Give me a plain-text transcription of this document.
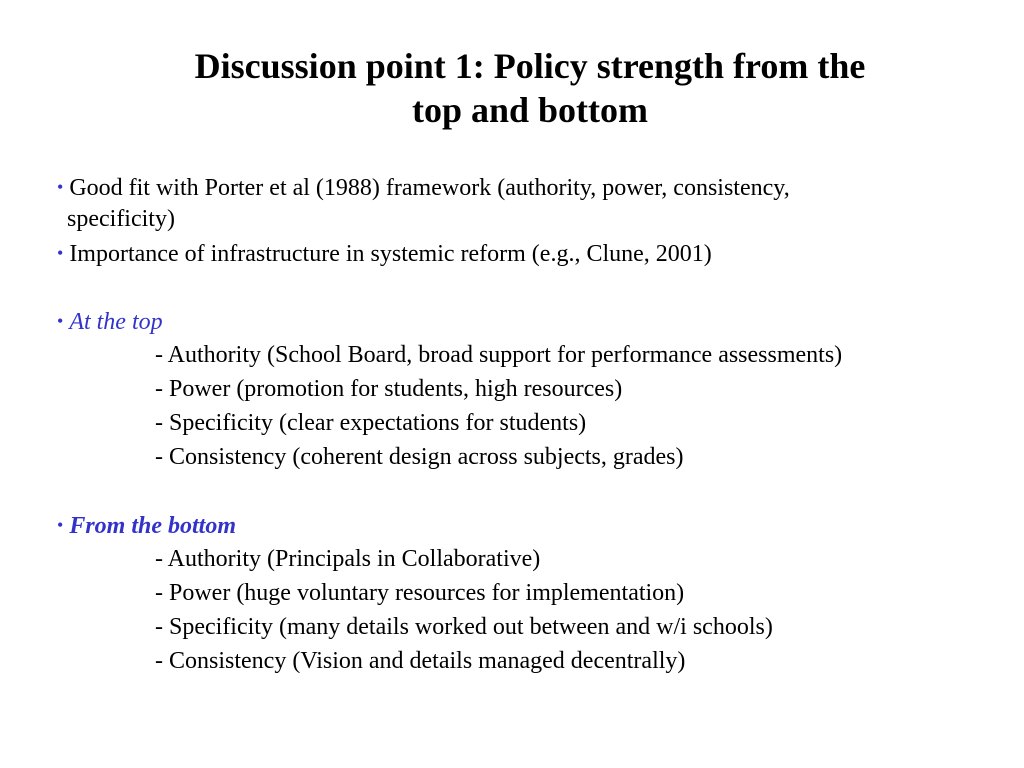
Discussion point 1: Policy strength from the
top and bottom
• Good fit with Porter et al (1988) framework (authority, power, consistency,
specificity)
• Importance of infrastructure in systemic reform (e.g., Clune, 2001)
• At the top
- Authority (School Board, broad support for performance assessments)
- Power (promotion for students, high resources)
- Specificity (clear expectations for students)
- Consistency (coherent design across subjects, grades)
• From the bottom
- Authority (Principals in Collaborative)
- Power (huge voluntary resources for implementation)
- Specificity (many details worked out between and w/i schools)
- Consistency (Vision and details managed decentrally)
